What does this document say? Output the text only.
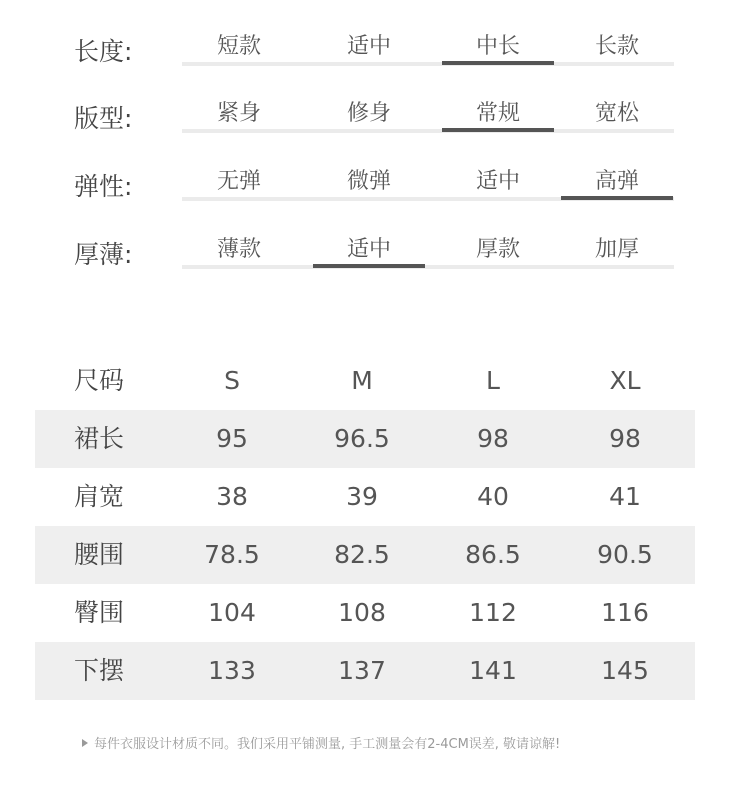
长度:	短款	适中	中长	长款
版型:	紧身	修身	常规	宽松
弹性:	无弹	微弹	适中	高弹
厚薄:	薄款	适中	厚款	加厚
尺码	S	M	L	XL
裙长	95	96.5	98	98
肩宽	38	39	40	41
腰围	78.5	82.5	86.5	90.5
臀围	104	108	112	116
下摆	133	137	141	145
每件衣服设计材质不同。我们采用平铺测量, 手工测量会有2-4CM误差, 敬请谅解!
